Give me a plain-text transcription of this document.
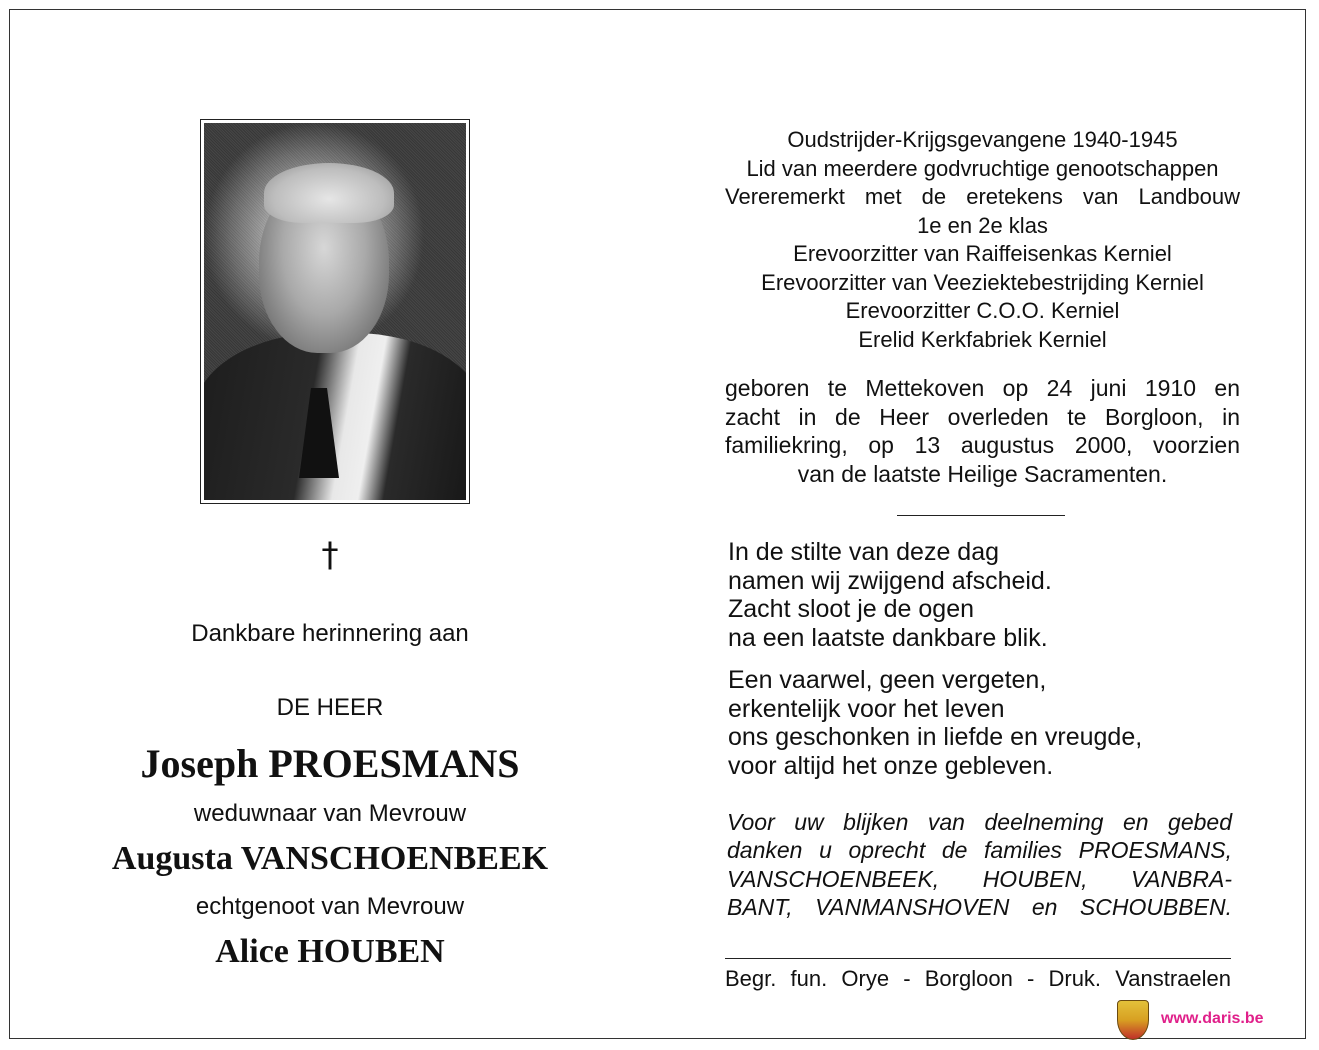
†
Dankbare herinnering aan
DE HEER
Joseph PROESMANS
weduwnaar van Mevrouw
Augusta VANSCHOENBEEK
echtgenoot van Mevrouw
Alice HOUBEN
Oudstrijder-Krijgsgevangene 1940-1945
Lid van meerdere godvruchtige genootschappen
Vereremerkt met de eretekens van Landbouw
1e en 2e klas
Erevoorzitter van Raiffeisenkas Kerniel
Erevoorzitter van Veeziektebestrijding Kerniel
Erevoorzitter C.O.O. Kerniel
Erelid Kerkfabriek Kerniel
geboren te Mettekoven op 24 juni 1910 en
zacht in de Heer overleden te Borgloon, in
familiekring, op 13 augustus 2000, voorzien
van de laatste Heilige Sacramenten.
In de stilte van deze dag
namen wij zwijgend afscheid.
Zacht sloot je de ogen
na een laatste dankbare blik.
Een vaarwel, geen vergeten,
erkentelijk voor het leven
ons geschonken in liefde en vreugde,
voor altijd het onze gebleven.
Voor uw blijken van deelneming en gebed
danken u oprecht de families PROESMANS,
VANSCHOENBEEK, HOUBEN, VANBRA-
BANT, VANMANSHOVEN en SCHOUBBEN.
Begr. fun. Orye - Borgloon - Druk. Vanstraelen
www.daris.be
